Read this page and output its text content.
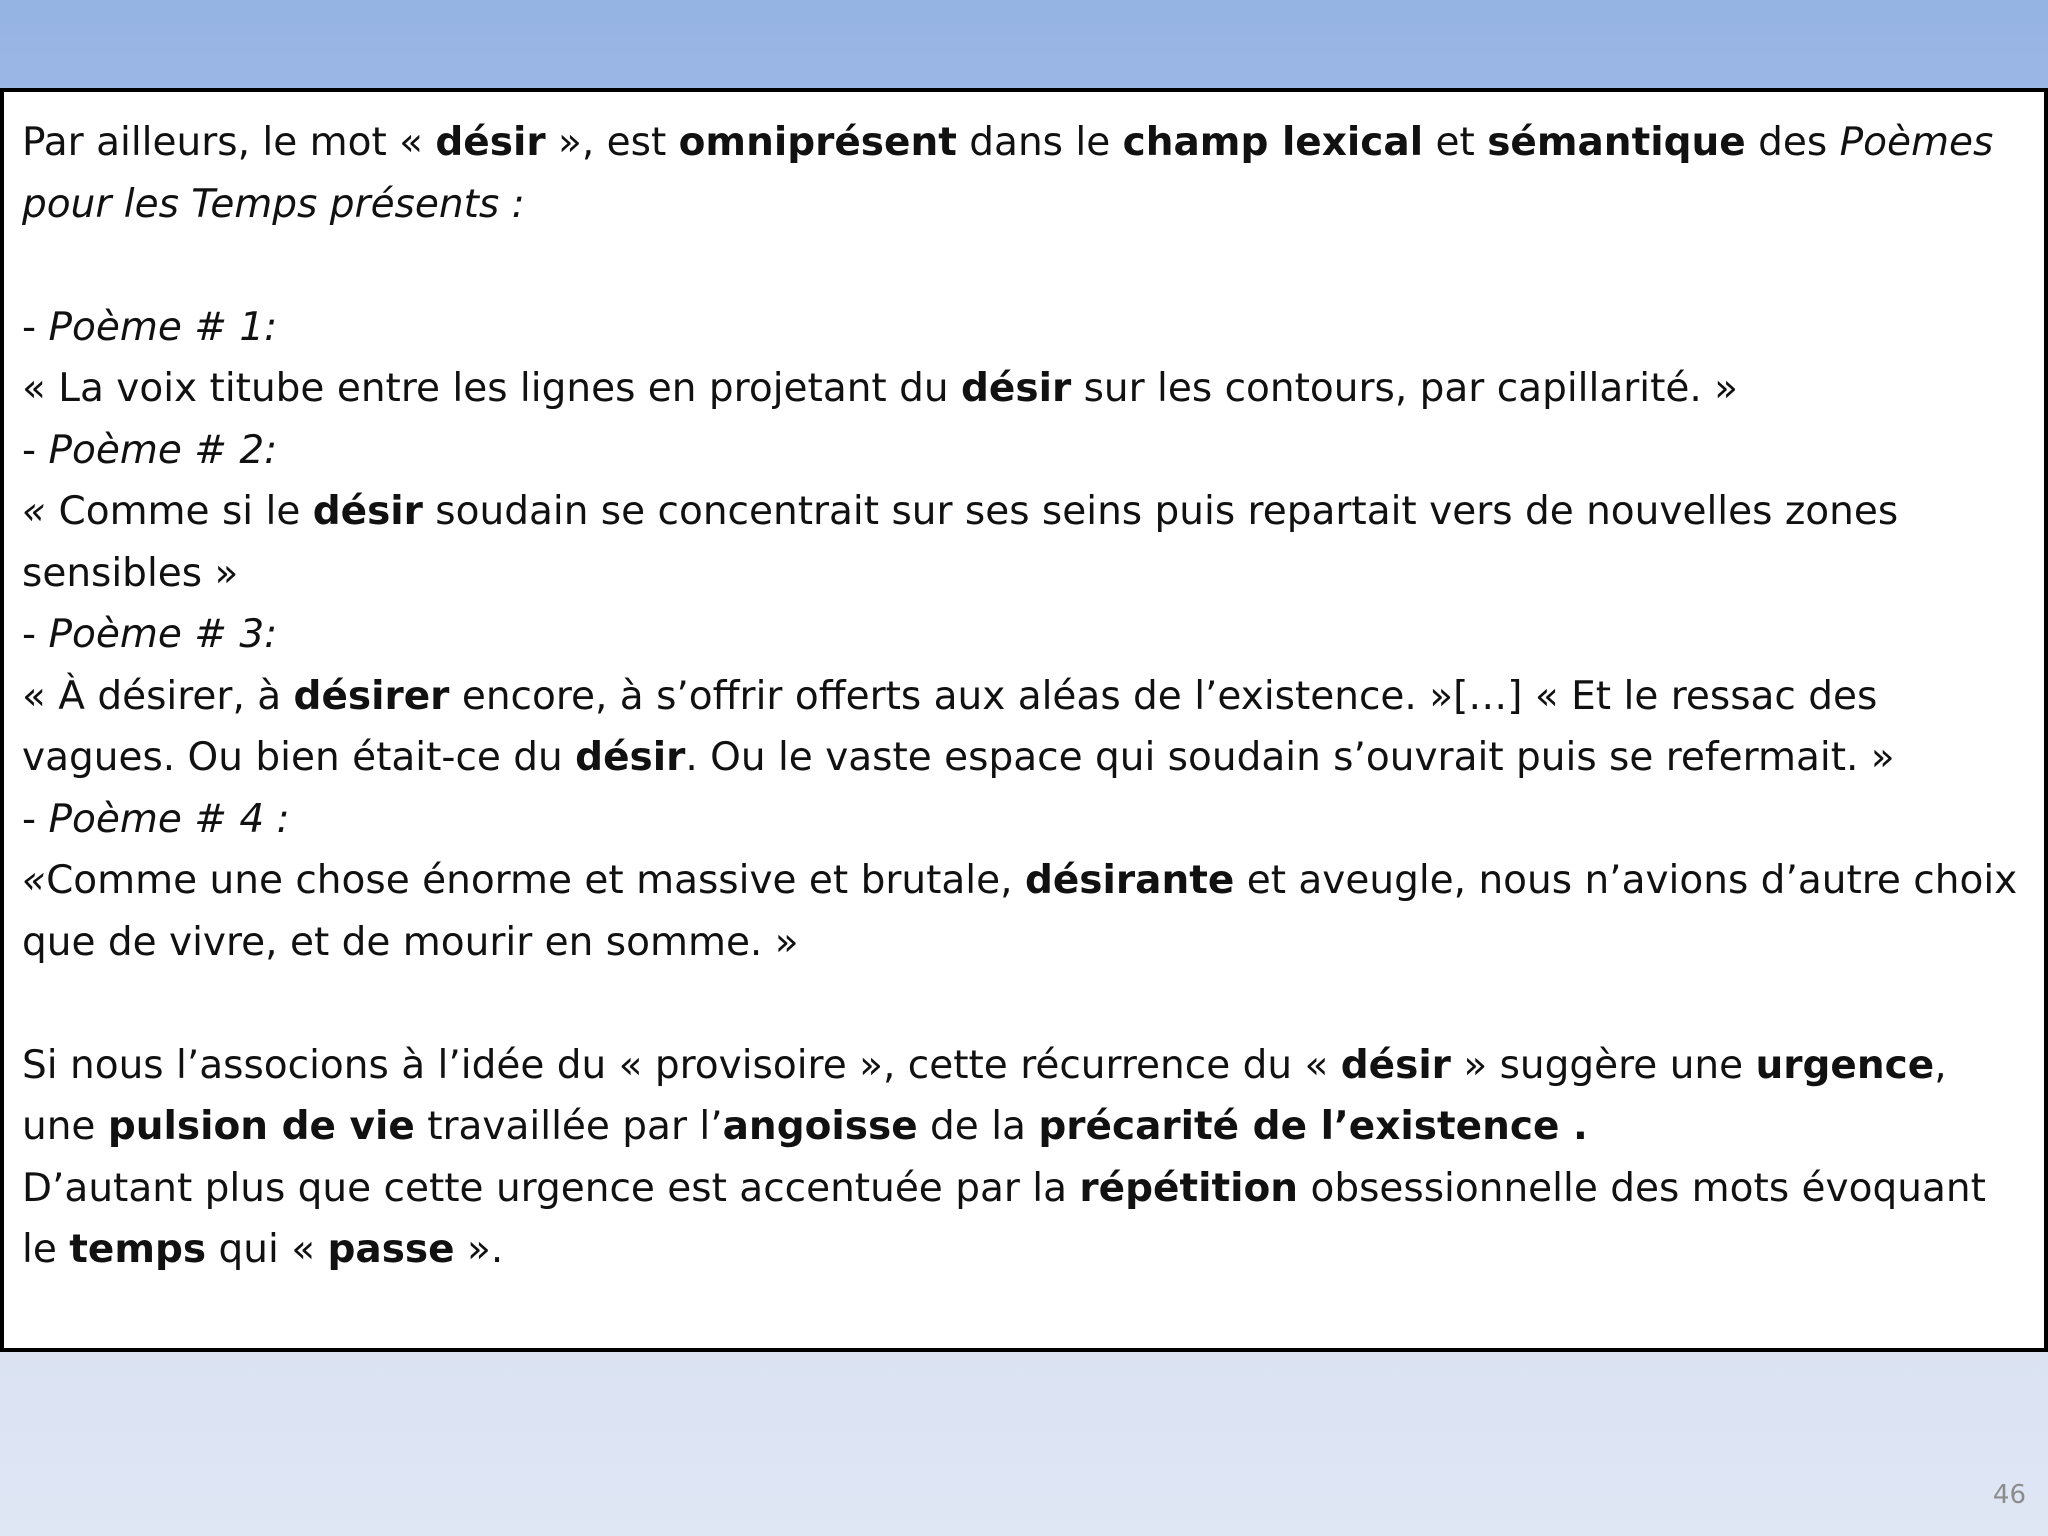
Par ailleurs, le mot « désir », est omniprésent dans le champ lexical et sémantique des Poèmes pour les Temps présents :

- Poème # 1:

« La voix titube entre les lignes en projetant du désir sur les contours, par capillarité. »

- Poème # 2:

« Comme si le désir soudain se concentrait sur ses seins puis repartait vers de nouvelles zones sensibles »

- Poème # 3:

« À désirer, à désirer encore, à s’offrir offerts aux aléas de l’existence. »[…] « Et le ressac des vagues. Ou bien était-ce du désir. Ou le vaste espace qui soudain s’ouvrait puis se refermait. »

- Poème # 4 :

«Comme une chose énorme et massive et brutale, désirante et aveugle, nous n’avions d’autre choix que de vivre, et de mourir en somme. »

Si nous l’associons à l’idée du « provisoire », cette récurrence du « désir » suggère une urgence, une pulsion de vie travaillée par l’angoisse de la précarité de l’existence .

D’autant plus que cette urgence est accentuée par la répétition obsessionnelle des mots évoquant le temps qui « passe ».

46
